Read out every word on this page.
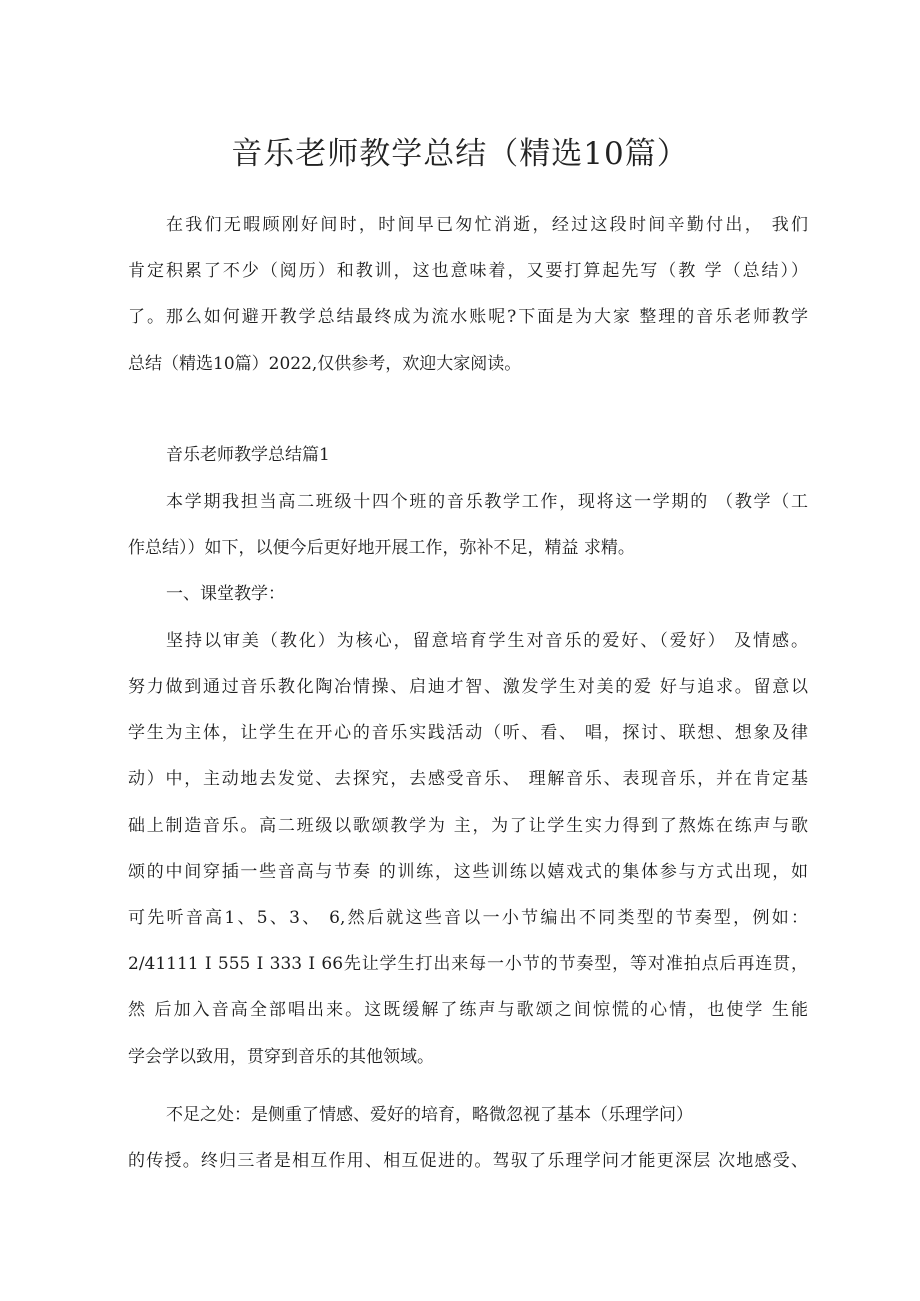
音乐老师教学总结（精选10篇）
在我们无暇顾刚好间时，时间早已匆忙消逝，经过这段时间辛勤付出， 我们
肯定积累了不少（阅历）和教训，这也意味着，又要打算起先写（教 学（总结））
了。那么如何避开教学总结最终成为流水账呢?下面是为大家 整理的音乐老师教学
总结（精选10篇）2022,仅供参考，欢迎大家阅读。
音乐老师教学总结篇1
本学期我担当高二班级十四个班的音乐教学工作，现将这一学期的 （教学（工
作总结））如下，以便今后更好地开展工作，弥补不足，精益 求精。
一、课堂教学：
坚持以审美（教化）为核心，留意培育学生对音乐的爱好、（爱好） 及情感。
努力做到通过音乐教化陶冶情操、启迪才智、激发学生对美的爱 好与追求。留意以
学生为主体，让学生在开心的音乐实践活动（听、看、 唱，探讨、联想、想象及律
动）中，主动地去发觉、去探究，去感受音乐、 理解音乐、表现音乐，并在肯定基
础上制造音乐。高二班级以歌颂教学为 主，为了让学生实力得到了熬炼在练声与歌
颂的中间穿插一些音高与节奏 的训练，这些训练以嬉戏式的集体参与方式出现，如
可先听音高1、5、3、 6,然后就这些音以一小节编出不同类型的节奏型，例如：
2/41111 I 555 I 333 I 66先让学生打出来每一小节的节奏型，等对准拍点后再连贯，
然 后加入音高全部唱出来。这既缓解了练声与歌颂之间惊慌的心情，也使学 生能
学会学以致用，贯穿到音乐的其他领域。
不足之处：是侧重了情感、爱好的培育，略微忽视了基本（乐理学问）
的传授。终归三者是相互作用、相互促进的。驾驭了乐理学问才能更深层 次地感受、
